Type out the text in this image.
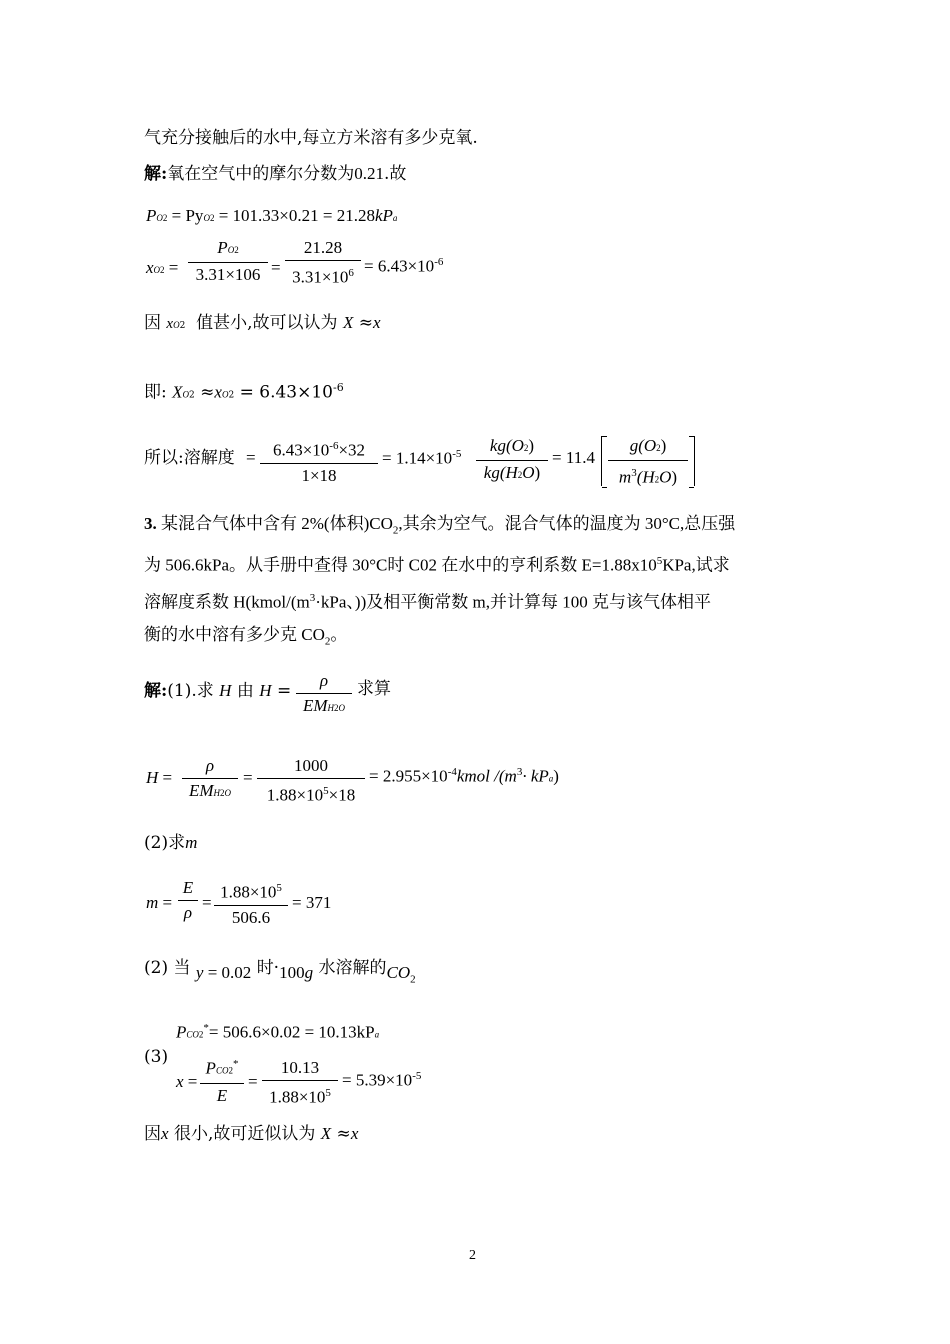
气充分接触后的水中,每立方米溶有多少克氧.
解:氧在空气中的摩尔分数为0.21.故
PO2 = PyO2 = 101.33×0.21 = 21.28kPa
xO2 =
PO2
3.31×106 =
21.28
$3.31\times 10^6 = 6.43\times 10^{-6}$
因 xO2 值甚小,故可以认为 X ≈x
即: $XO2 \approx xO2 = 6.43\times 10^{-6}$
所以:溶解度 =	$6.43\times 10^{-6}\times 32$
1×18
= $1.14\times 10^{-5}$	kg(O2)
kg(H2O)
= 11.4
g(O2)
$m^3(H2O)$
3. 某混合气体中含有 2%(体积)$CO_2$,其余为空气。混合气体的温度为 30°C,总压强
为 506.6kPa。从手册中查得 30°C时 C02 在水中的亨利系数 $E=1.88x10^5KPa$,试求
溶解度系数 $H(kmol/(m^3\cdot kPa$、))及相平衡常数 m,并计算每 100 克与该气体相平
衡的水中溶有多少克 $CO_2$。
解:(1).求 H 由 H =
ρ
EMH2O
求算
H =
ρ
EMH2O
=
1000
$1.88\times 10^5\times 18$
= $2.955\times 10^{-4}kmol$ $/(m^3\cdot kPa)$
(2)求m
m =
E
ρ
=
$1.88\times 10^5$
506.6
= 371
(2) 当 y = 0.02 时·100g 水溶解的$CO_2$
PCO2*= 506.6×0.02 = 10.13kPa
(3)
x =
PCO2*
E
=
10.13
$1.88\times 10^5$
= $5.39\times 10^{-5}$
因x 很小,故可近似认为 X ≈x
2
